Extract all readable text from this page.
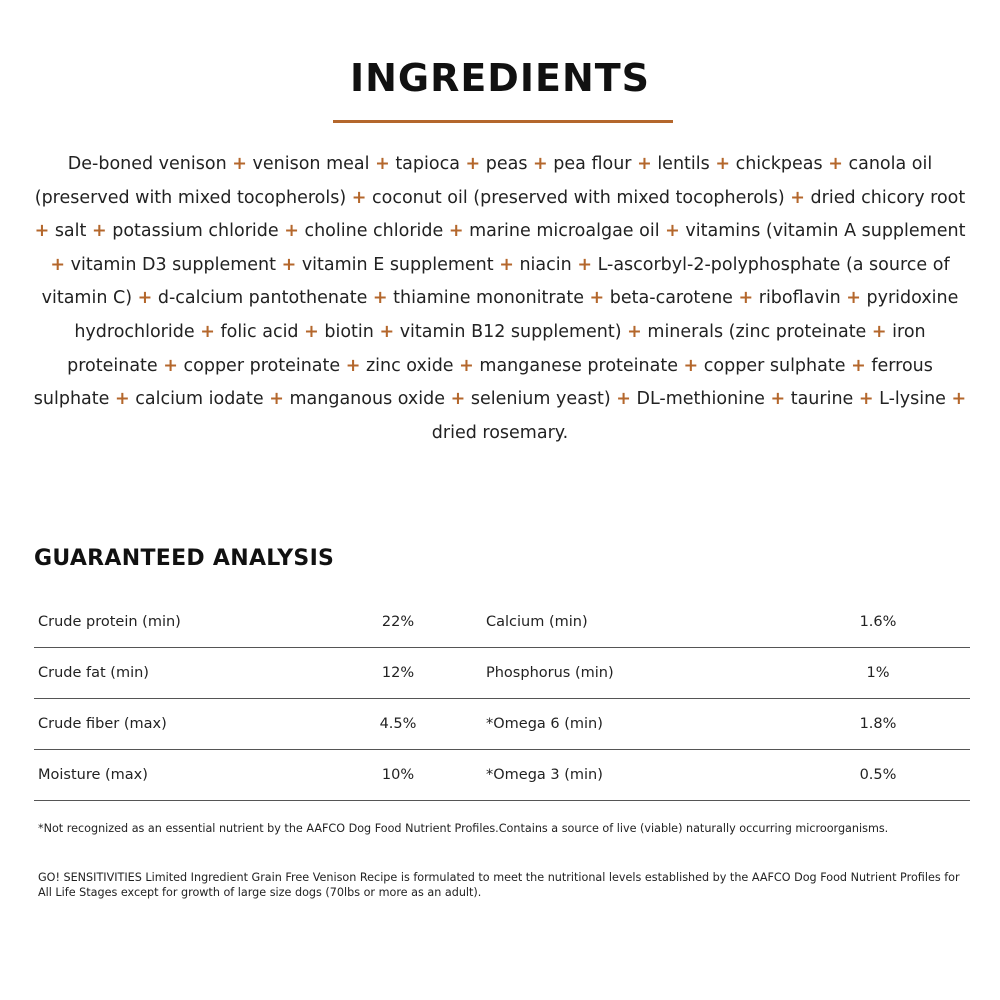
INGREDIENTS
De-boned venison + venison meal + tapioca + peas + pea flour + lentils + chickpeas + canola oil (preserved with mixed tocopherols) + coconut oil (preserved with mixed tocopherols) + dried chicory root + salt + potassium chloride + choline chloride + marine microalgae oil + vitamins (vitamin A supplement + vitamin D3 supplement + vitamin E supplement + niacin + L-ascorbyl-2-polyphosphate (a source of vitamin C) + d-calcium pantothenate + thiamine mononitrate + beta-carotene + riboflavin + pyridoxine hydrochloride + folic acid + biotin + vitamin B12 supplement) + minerals (zinc proteinate + iron proteinate + copper proteinate + zinc oxide + manganese proteinate + copper sulphate + ferrous sulphate + calcium iodate + manganous oxide + selenium yeast) + DL-methionine + taurine + L-lysine + dried rosemary.
GUARANTEED ANALYSIS
Crude protein (min)	22%		Calcium (min)	1.6%
Crude fat (min)	12%		Phosphorus (min)	1%
Crude fiber (max)	4.5%		*Omega 6 (min)	1.8%
Moisture (max)	10%		*Omega 3 (min)	0.5%
*Not recognized as an essential nutrient by the AAFCO Dog Food Nutrient Profiles.Contains a source of live (viable) naturally occurring microorganisms.
GO! SENSITIVITIES Limited Ingredient Grain Free Venison Recipe is formulated to meet the nutritional levels established by the AAFCO Dog Food Nutrient Profiles for All Life Stages except for growth of large size dogs (70lbs or more as an adult).
